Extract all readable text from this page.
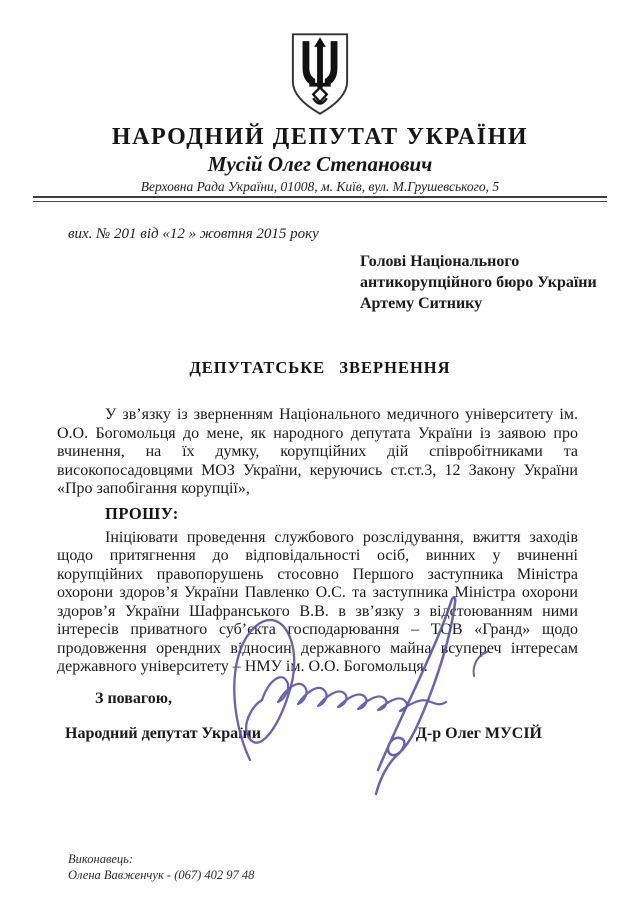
НАРОДНИЙ ДЕПУТАТ УКРАЇНИ
Мусій Олег Степанович
Верховна Рада України, 01008, м. Київ, вул. М.Грушевського, 5
вих. № 201 від «12 » жовтня 2015 року
Голові Національного
антикорупційного бюро України
Артему Ситнику
ДЕПУТАТСЬКЕ ЗВЕРНЕННЯ

У зв’язку із зверненням Національного медичного університету ім. О.О. Богомольця до мене, як народного депутата України із заявою про вчинення, на їх думку, корупційних дій співробітниками та високопосадовцями МОЗ України, керуючись ст.ст.3, 12 Закону України «Про запобігання корупції»,

ПРОШУ:

Ініціювати проведення службового розслідування, вжиття заходів щодо притягнення до відповідальності осіб, винних у вчиненні корупційних правопорушень стосовно Першого заступника Міністра охорони здоров’я України Павленко О.С. та заступника Міністра охорони здоров’я України Шафранського В.В. в зв’язку з відстоюванням ними інтересів приватного суб’єкта господарювання – ТОВ «Гранд» щодо продовження орендних відносин державного майна всупереч інтересам державного університету – НМУ ім. О.О. Богомольця.

З повагою,
Народний депутат України	Д-р Олег МУСІЙ
Виконавець:
Олена Вавженчук - (067) 402 97 48
